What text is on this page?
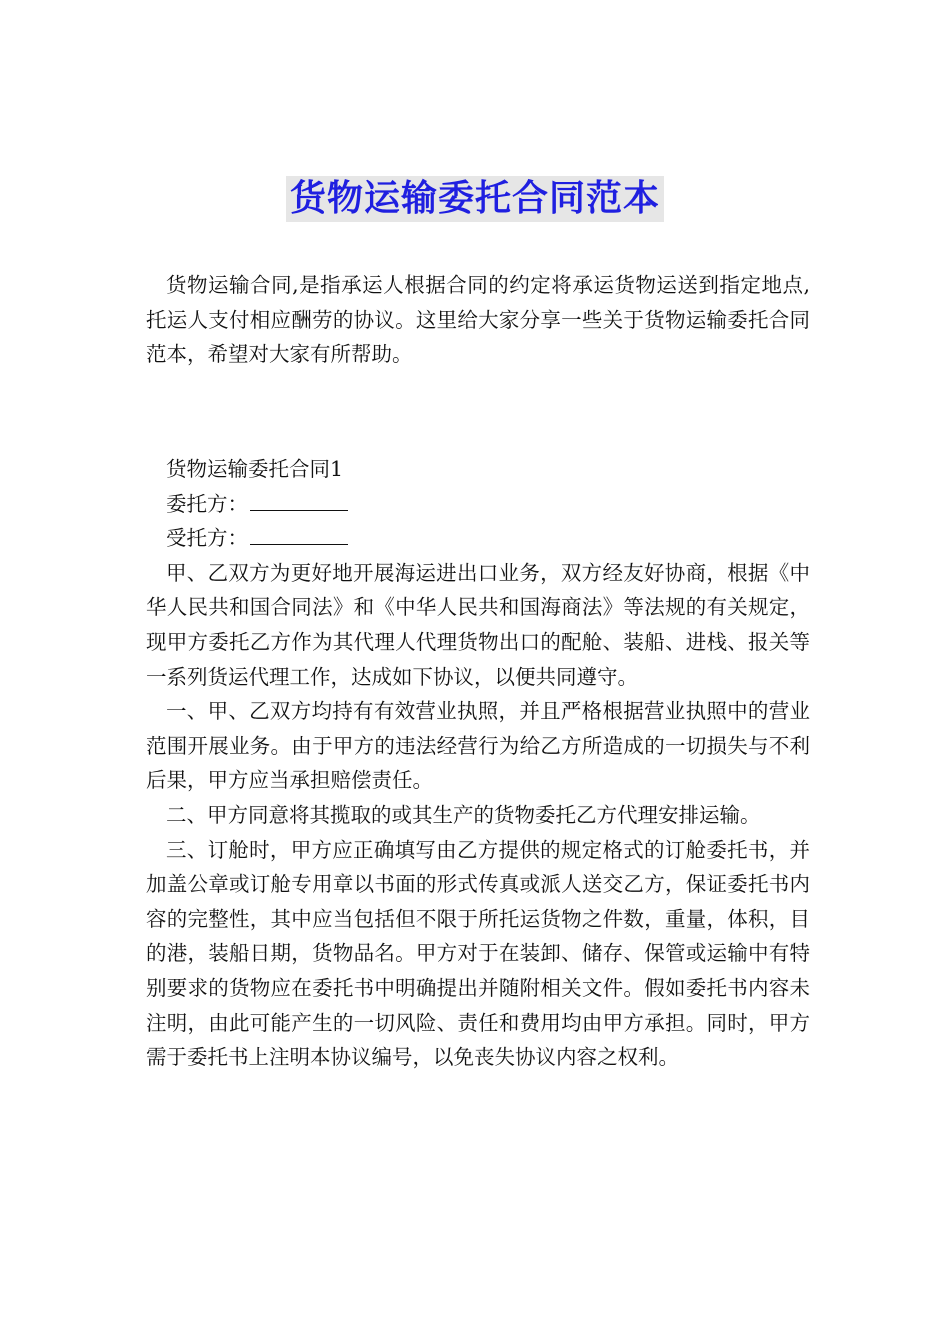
货物运输委托合同范本
货物运输合同,是指承运人根据合同的约定将承运货物运送到指定地点,托运人支付相应酬劳的协议。这里给大家分享一些关于货物运输委托合同范本，希望对大家有所帮助。

货物运输委托合同1

委托方：

受托方：

甲、乙双方为更好地开展海运进出口业务，双方经友好协商，根据《中华人民共和国合同法》和《中华人民共和国海商法》等法规的有关规定，现甲方委托乙方作为其代理人代理货物出口的配舱、装船、进栈、报关等一系列货运代理工作，达成如下协议，以便共同遵守。

一、甲、乙双方均持有有效营业执照，并且严格根据营业执照中的营业范围开展业务。由于甲方的违法经营行为给乙方所造成的一切损失与不利后果，甲方应当承担赔偿责任。

二、甲方同意将其揽取的或其生产的货物委托乙方代理安排运输。

三、订舱时，甲方应正确填写由乙方提供的规定格式的订舱委托书，并加盖公章或订舱专用章以书面的形式传真或派人送交乙方，保证委托书内容的完整性，其中应当包括但不限于所托运货物之件数，重量，体积，目的港，装船日期，货物品名。甲方对于在装卸、储存、保管或运输中有特别要求的货物应在委托书中明确提出并随附相关文件。假如委托书内容未注明，由此可能产生的一切风险、责任和费用均由甲方承担。同时，甲方需于委托书上注明本协议编号，以免丧失协议内容之权利。
